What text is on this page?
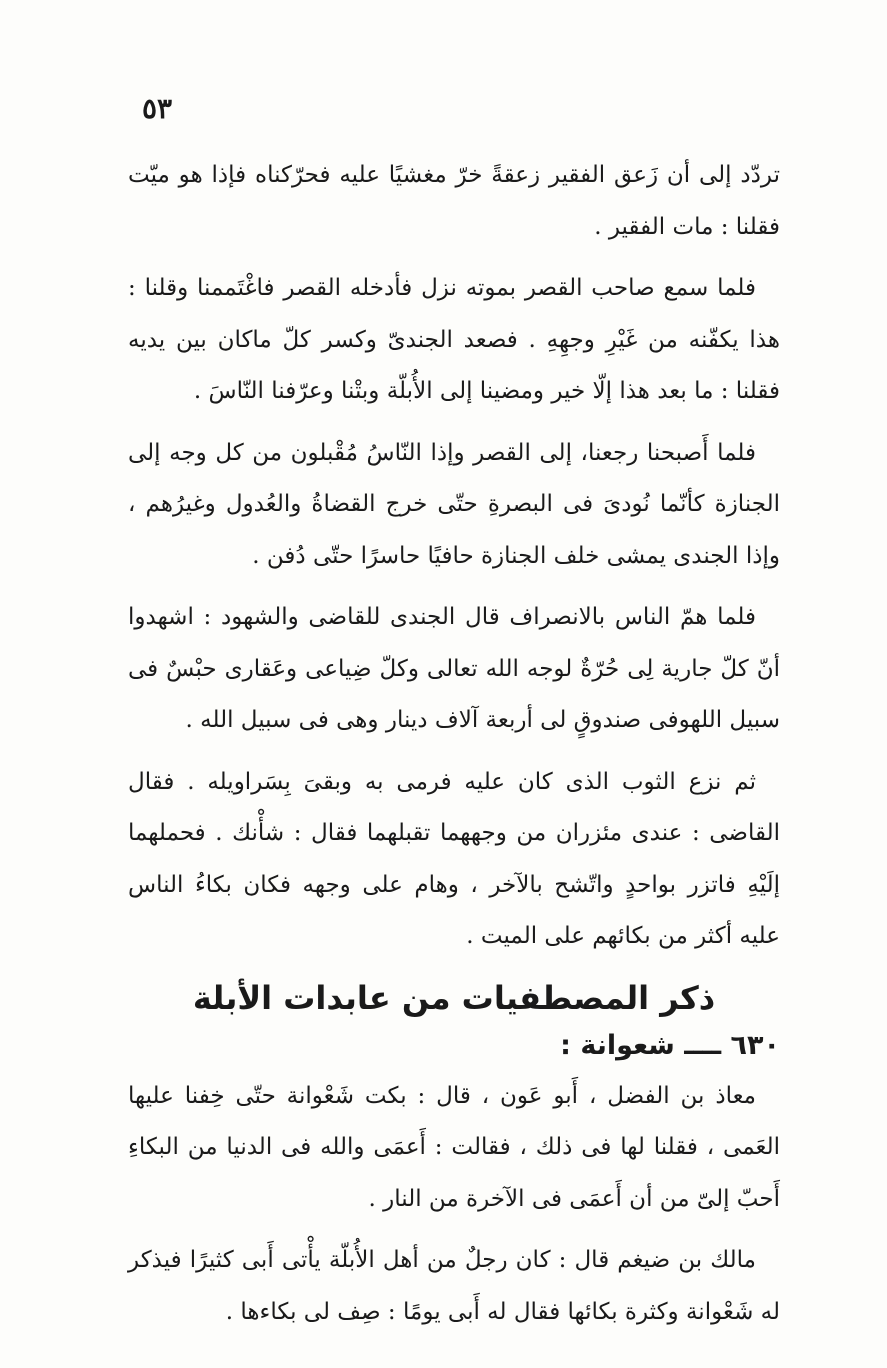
٥٣

تردّد إلى أن زَعق الفقير زعقةً خرّ مغشيًا عليه فحرّكناه فإذا هو ميّت فقلنا : مات الفقير .

فلما سمع صاحب القصر بموته نزل فأدخله القصر فاغْتَممنا وقلنا : هذا يكفّنه من غَيْرِ وجهِهِ . فصعد الجندىّ وكسر كلّ ماكان بين يديه فقلنا : ما بعد هذا إلّا خير ومضينا إلى الأُبلّة وبتْنا وعرّفنا النّاسَ .

فلما أَصبحنا رجعنا، إلى القصر وإذا النّاسُ مُقْبلون من كل وجه إلى الجنازة كأنّما نُودىَ فى البصرةِ حتّى خرج القضاةُ والعُدول وغيرُهم ، وإذا الجندى يمشى خلف الجنازة حافيًا حاسرًا حتّى دُفن .

فلما همّ الناس بالانصراف قال الجندى للقاضى والشهود : اشهدوا أنّ كلّ جارية لِى حُرّةٌ لوجه الله تعالى وكلّ ضِياعى وعَقارى حبْسٌ فى سبيل اللهوفى صندوقٍ لى أربعة آلاف دينار وهى فى سبيل الله .

ثم نزع الثوب الذى كان عليه فرمى به وبقىَ بِسَراويله . فقال القاضى : عندى مئزران من وجههما تقبلهما فقال : شأْنك . فحملهما إلَيْهِ فاتزر بواحدٍ واتّشح بالآخر ، وهام على وجهه فكان بكاءُ الناس عليه أكثر من بكائهم على الميت .

ذكر المصطفيات من عابدات الأبلة
٦٣٠ ــــ شعوانة :

معاذ بن الفضل ، أَبو عَون ، قال : بكت شَعْوانة حتّى خِفنا عليها العَمى ، فقلنا لها فى ذلك ، فقالت : أَعمَى والله فى الدنيا من البكاءِ أَحبّ إلىّ من أن أَعمَى فى الآخرة من النار .

مالك بن ضيغم قال : كان رجلٌ من أهل الأُبلّة يأْتى أَبى كثيرًا فيذكر له شَعْوانة وكثرة بكائها فقال له أَبى يومًا : صِف لى بكاءها .
